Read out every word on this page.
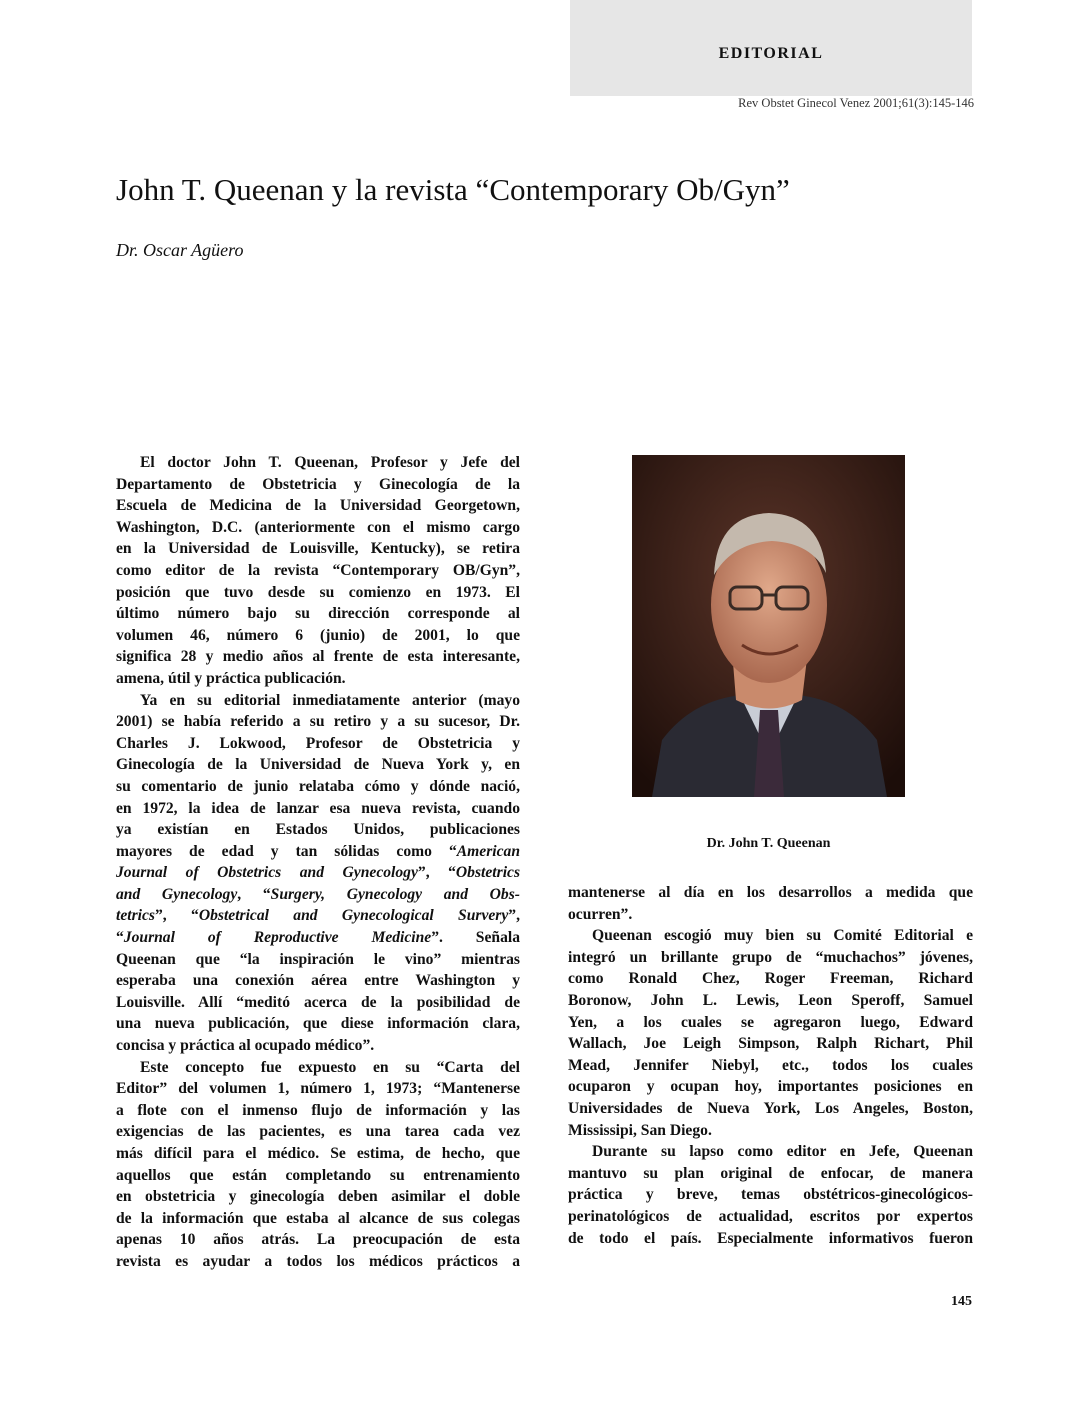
EDITORIAL
Rev Obstet Ginecol Venez 2001;61(3):145-146
John T. Queenan y la revista “Contemporary Ob/Gyn”
Dr. Oscar Agüero
El doctor John T. Queenan, Profesor y Jefe del
Departamento de Obstetricia y Ginecología de la
Escuela de Medicina de la Universidad Georgetown,
Washington, D.C. (anteriormente con el mismo cargo
en la Universidad de Louisville, Kentucky), se retira
como editor de la revista “Contemporary OB/Gyn”,
posición que tuvo desde su comienzo en 1973. El
último número bajo su dirección corresponde al
volumen 46, número 6 (junio) de 2001, lo que
significa 28 y medio años al frente de esta interesante,
amena, útil y práctica publicación.
Ya en su editorial inmediatamente anterior (mayo
2001) se había referido a su retiro y a su sucesor, Dr.
Charles J. Lokwood, Profesor de Obstetricia y
Ginecología de la Universidad de Nueva York y, en
su comentario de junio relataba cómo y dónde nació,
en 1972, la idea de lanzar esa nueva revista, cuando
ya existían en Estados Unidos, publicaciones
mayores de edad y tan sólidas como “American
Journal of Obstetrics and Gynecology”, “Obstetrics
and Gynecology, “Surgery, Gynecology and Obs-
tetrics”, “Obstetrical and Gynecological Survery”,
“Journal of Reproductive Medicine”. Señala
Queenan que “la inspiración le vino” mientras
esperaba una conexión aérea entre Washington y
Louisville. Allí “meditó acerca de la posibilidad de
una nueva publicación, que diese información clara,
concisa y práctica al ocupado médico”.
Este concepto fue expuesto en su “Carta del
Editor” del volumen 1, número 1, 1973; “Mantenerse
a flote con el inmenso flujo de información y las
exigencias de las pacientes, es una tarea cada vez
más difícil para el médico. Se estima, de hecho, que
aquellos que están completando su entrenamiento
en obstetricia y ginecología deben asimilar el doble
de la información que estaba al alcance de sus colegas
apenas 10 años atrás. La preocupación de esta
revista es ayudar a todos los médicos prácticos a
Dr. John T. Queenan
mantenerse al día en los desarrollos a medida que
ocurren”.
Queenan escogió muy bien su Comité Editorial e
integró un brillante grupo de “muchachos” jóvenes,
como Ronald Chez, Roger Freeman, Richard
Boronow, John L. Lewis, Leon Speroff, Samuel
Yen, a los cuales se agregaron luego, Edward
Wallach, Joe Leigh Simpson, Ralph Richart, Phil
Mead, Jennifer Niebyl, etc., todos los cuales
ocuparon y ocupan hoy, importantes posiciones en
Universidades de Nueva York, Los Angeles, Boston,
Mississipi, San Diego.
Durante su lapso como editor en Jefe, Queenan
mantuvo su plan original de enfocar, de manera
práctica y breve, temas obstétricos-ginecológicos-
perinatológicos de actualidad, escritos por expertos
de todo el país. Especialmente informativos fueron
145
